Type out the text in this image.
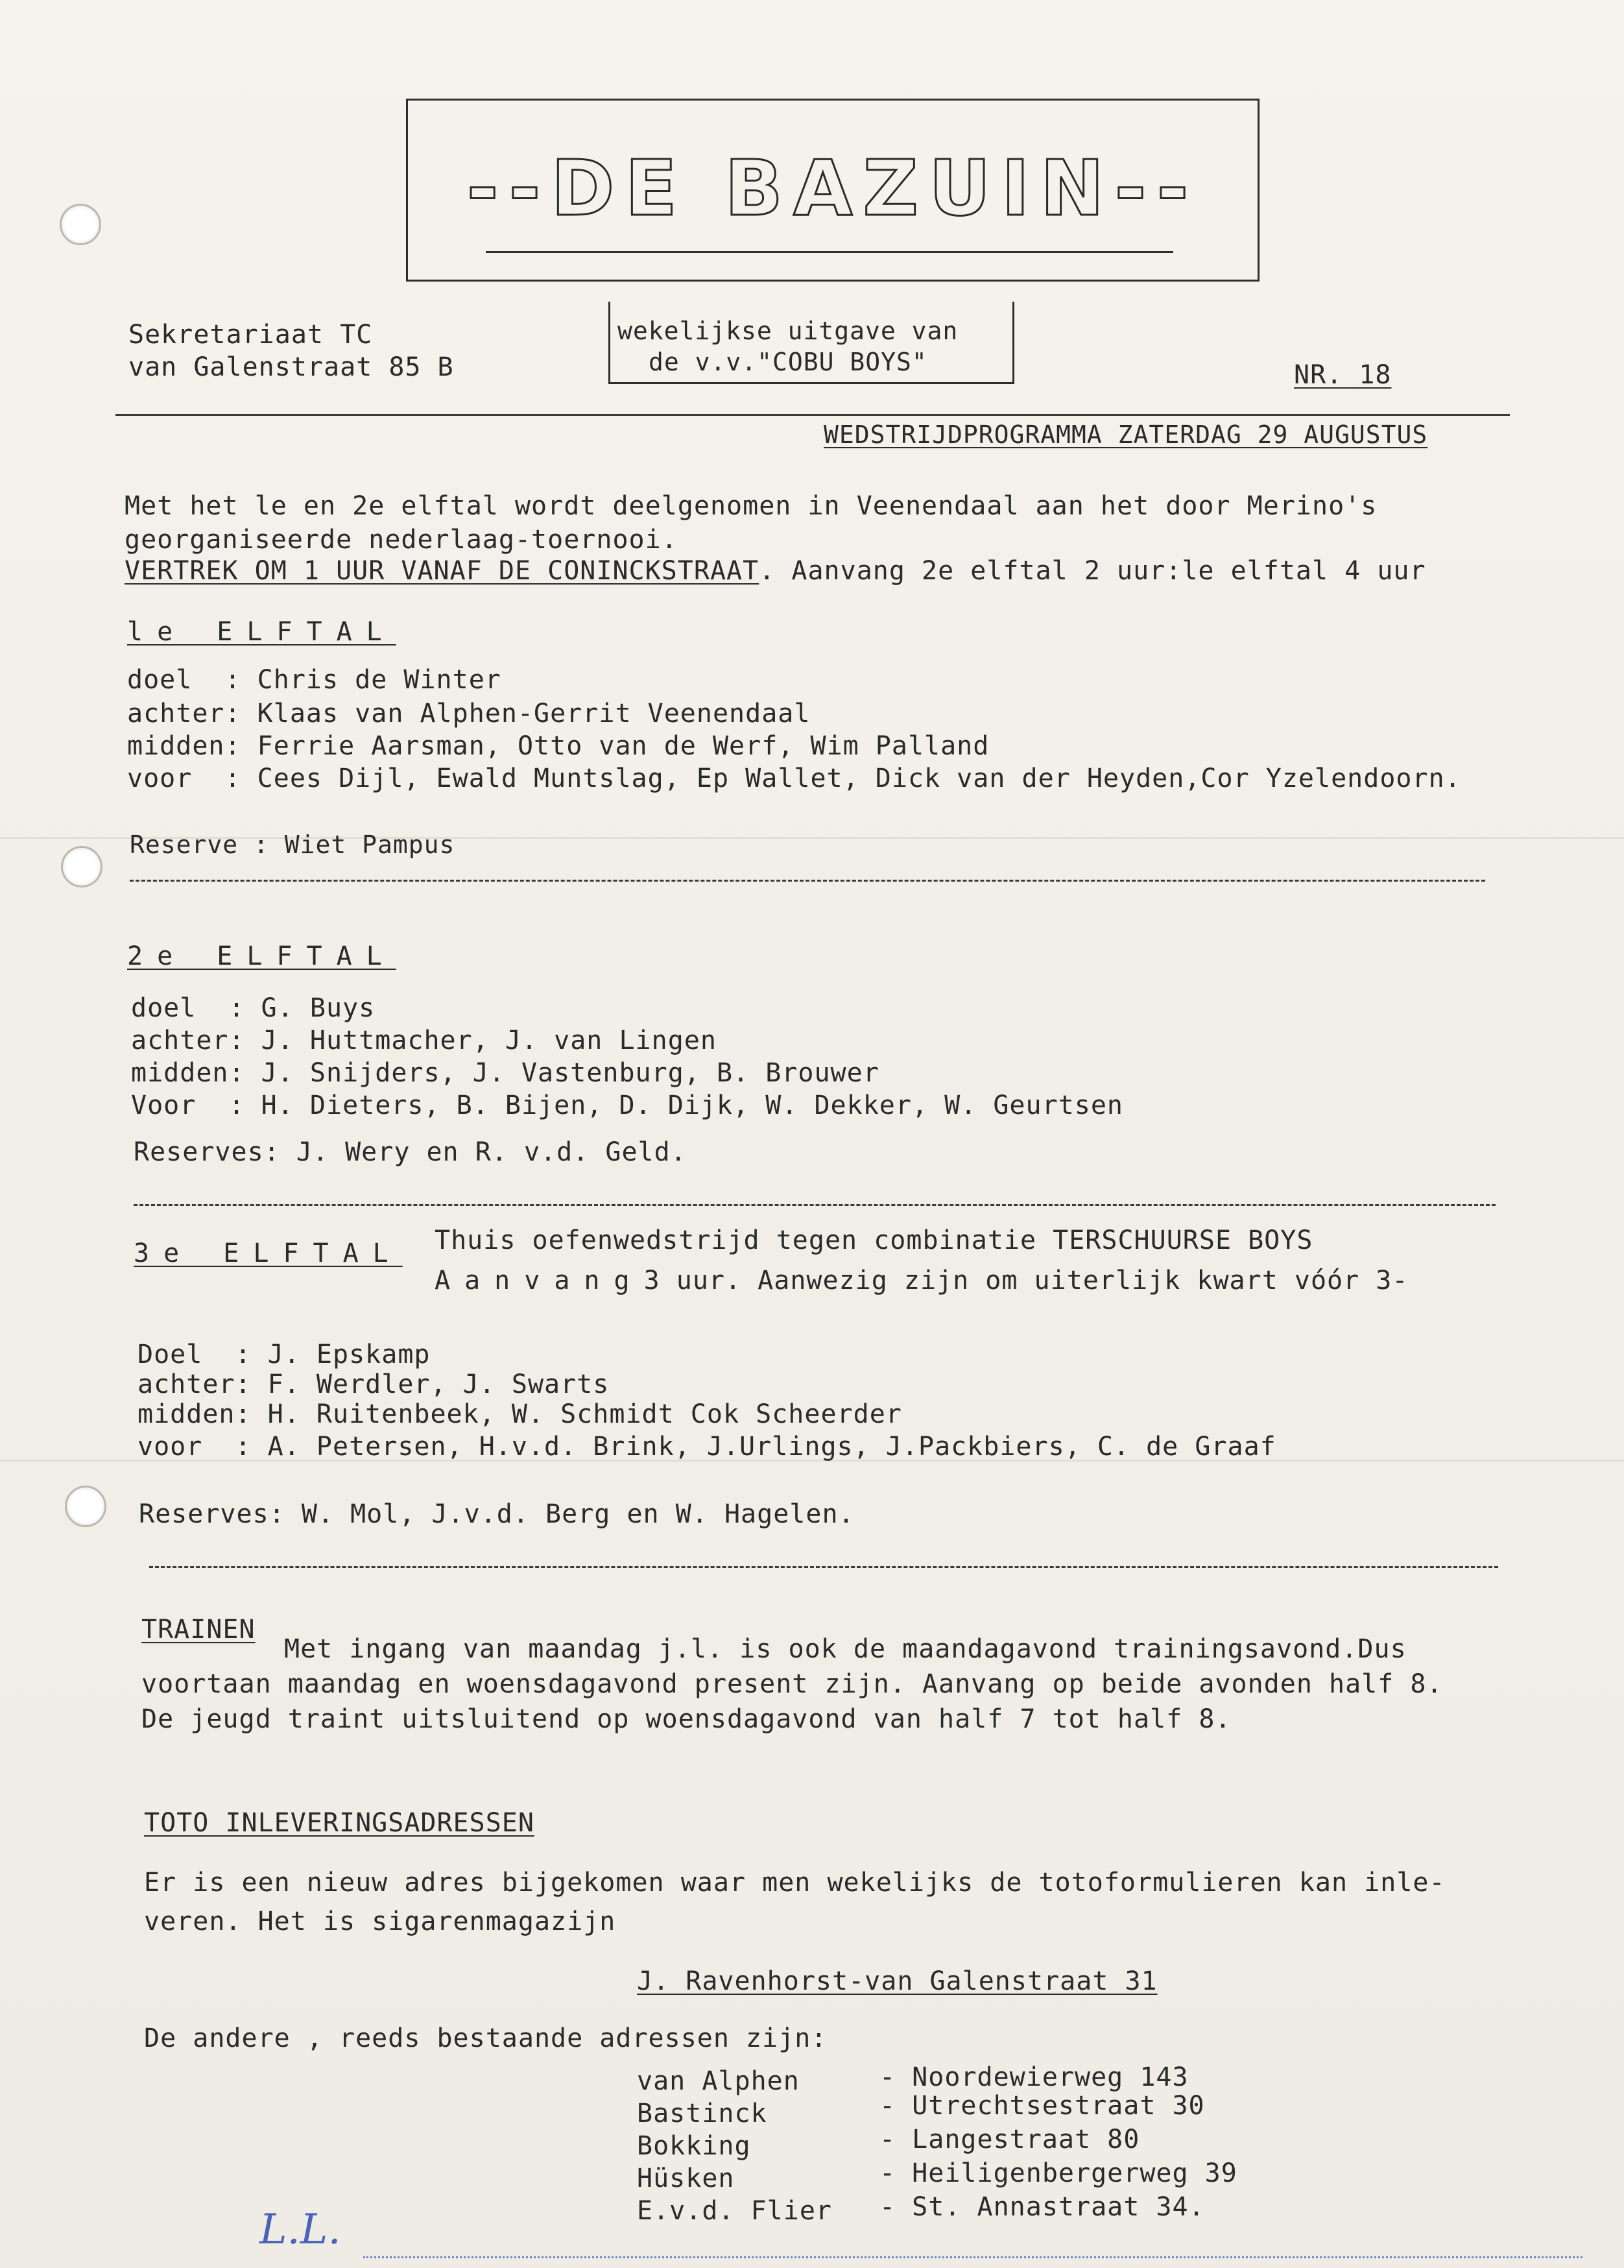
--DE BAZUIN--
Sekretariaat TC
van Galenstraat 85 B
wekelijkse uitgave van
de v.v."COBU BOYS"	NR. 18
WEDSTRIJDPROGRAMMA ZATERDAG 29 AUGUSTUS
Met het le en 2e elftal wordt deelgenomen in Veenendaal aan het door Merino's
georganiseerde nederlaag-toernooi.
VERTREK OM 1 UUR VANAF DE CONINCKSTRAAT. Aanvang 2e elftal 2 uur:le elftal 4 uur
le ELFTAL
doel  : Chris de Winter
achter: Klaas van Alphen-Gerrit Veenendaal
midden: Ferrie Aarsman, Otto van de Werf, Wim Palland
voor  : Cees Dijl, Ewald Muntslag, Ep Wallet, Dick van der Heyden,Cor Yzelendoorn.
Reserve : Wiet Pampus
2e ELFTAL
doel  : G. Buys
achter: J. Huttmacher, J. van Lingen
midden: J. Snijders, J. Vastenburg, B. Brouwer
Voor  : H. Dieters, B. Bijen, D. Dijk, W. Dekker, W. Geurtsen
Reserves: J. Wery en R. v.d. Geld.
3e ELFTAL Thuis oefenwedstrijd tegen combinatie TERSCHUURSE BOYS
Aanvang3 uur. Aanwezig zijn om uiterlijk kwart vóór 3-
Doel  : J. Epskamp
achter: F. Werdler, J. Swarts
midden: H. Ruitenbeek, W. Schmidt Cok Scheerder
voor  : A. Petersen, H.v.d. Brink, J.Urlings, J.Packbiers, C. de Graaf
Reserves: W. Mol, J.v.d. Berg en W. Hagelen.
TRAINEN
Met ingang van maandag j.l. is ook de maandagavond trainingsavond.Dus
voortaan maandag en woensdagavond present zijn. Aanvang op beide avonden half 8.
De jeugd traint uitsluitend op woensdagavond van half 7 tot half 8.
TOTO INLEVERINGSADRESSEN
Er is een nieuw adres bijgekomen waar men wekelijks de totoformulieren kan inle-
veren. Het is sigarenmagazijn
J. Ravenhorst-van Galenstraat 31
De andere , reeds bestaande adressen zijn:
van Alphen	- Noordewierweg 143
Bastinck	- Utrechtsestraat 30
Bokking	- Langestraat 80
Hüsken	- Heiligenbergerweg 39
E.v.d. Flier - St. Annastraat 34.
L.L.
